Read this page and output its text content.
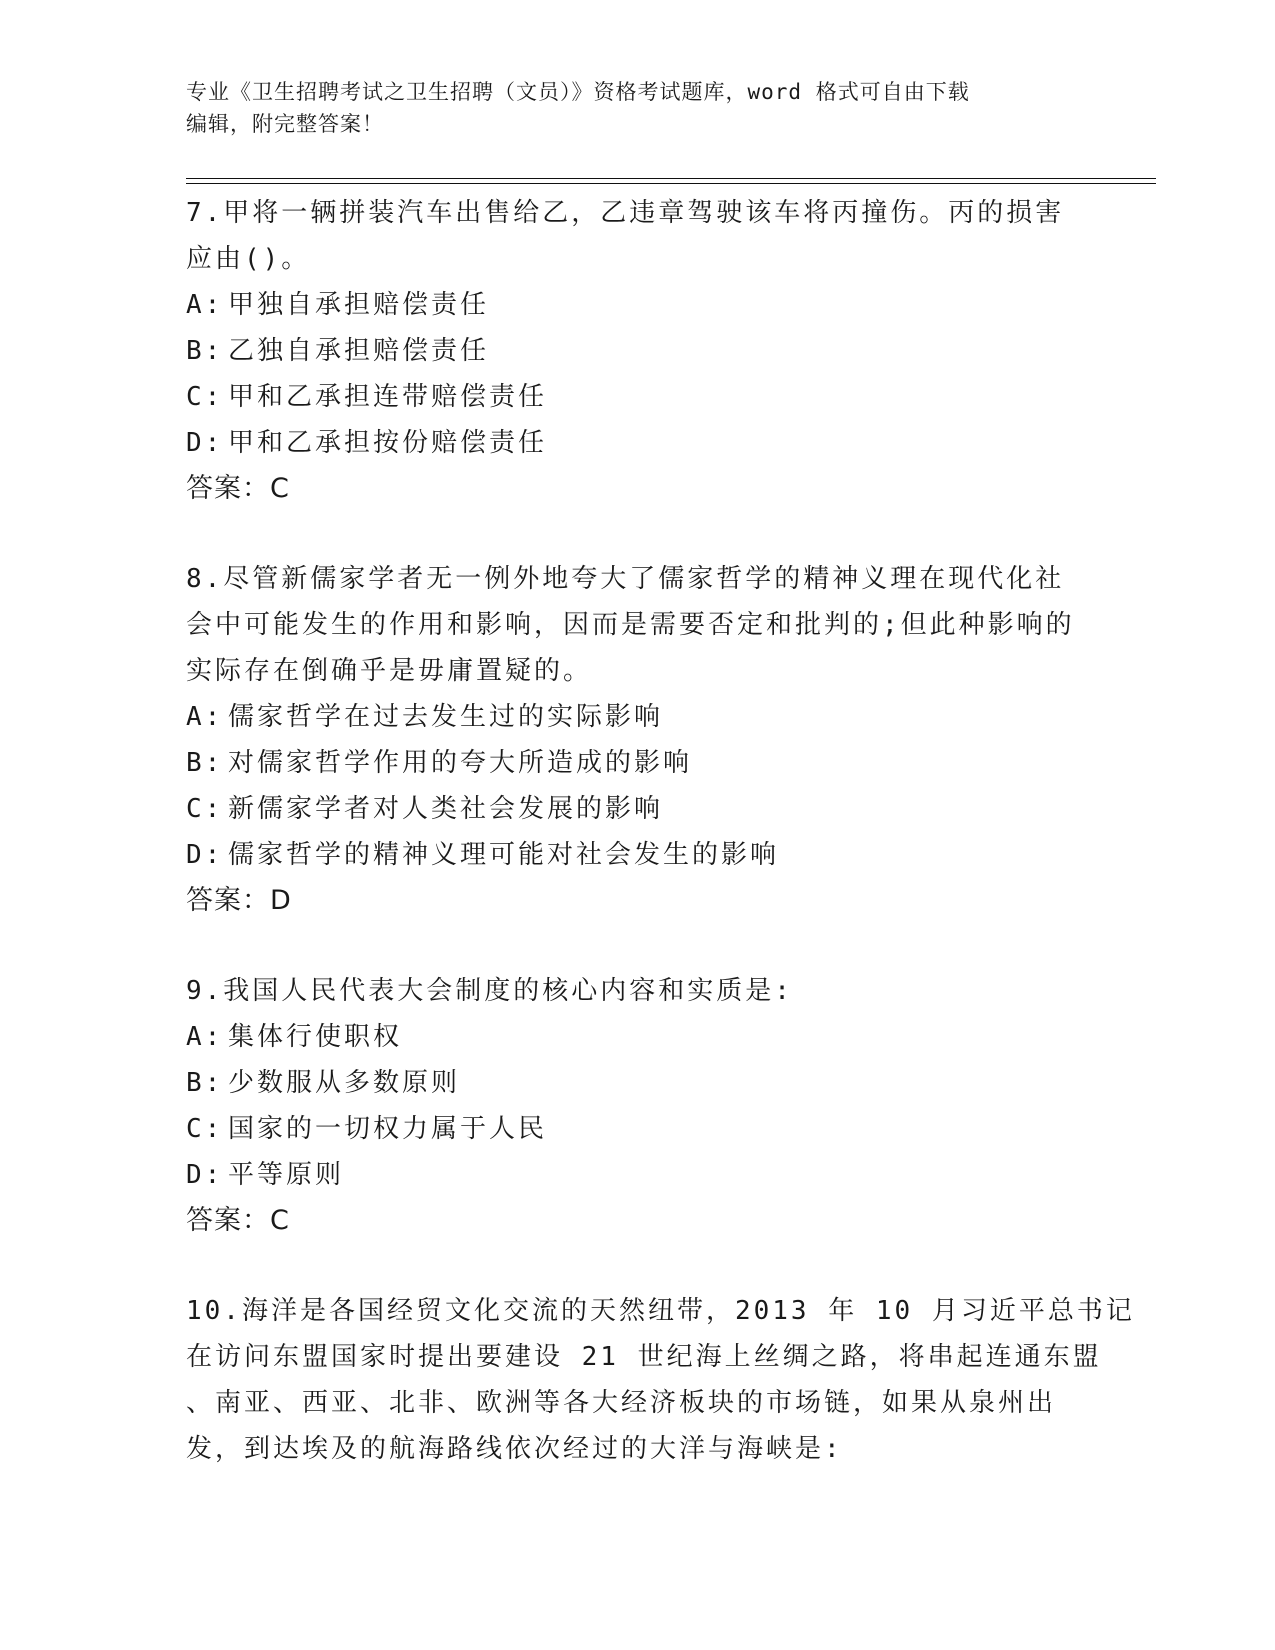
专业《卫生招聘考试之卫生招聘（文员）》资格考试题库，word 格式可自由下载
编辑，附完整答案！
7.甲将一辆拼装汽车出售给乙，乙违章驾驶该车将丙撞伤。丙的损害
应由()。
A: 甲独自承担赔偿责任
B: 乙独自承担赔偿责任
C: 甲和乙承担连带赔偿责任
D: 甲和乙承担按份赔偿责任
答案：C
8.尽管新儒家学者无一例外地夸大了儒家哲学的精神义理在现代化社
会中可能发生的作用和影响，因而是需要否定和批判的;但此种影响的
实际存在倒确乎是毋庸置疑的。
A: 儒家哲学在过去发生过的实际影响
B: 对儒家哲学作用的夸大所造成的影响
C: 新儒家学者对人类社会发展的影响
D: 儒家哲学的精神义理可能对社会发生的影响
答案：D
9.我国人民代表大会制度的核心内容和实质是:
A: 集体行使职权
B: 少数服从多数原则
C: 国家的一切权力属于人民
D: 平等原则
答案：C
10.海洋是各国经贸文化交流的天然纽带，2013 年 10 月习近平总书记
在访问东盟国家时提出要建设 21 世纪海上丝绸之路，将串起连通东盟
、南亚、西亚、北非、欧洲等各大经济板块的市场链，如果从泉州出
发，到达埃及的航海路线依次经过的大洋与海峡是:
